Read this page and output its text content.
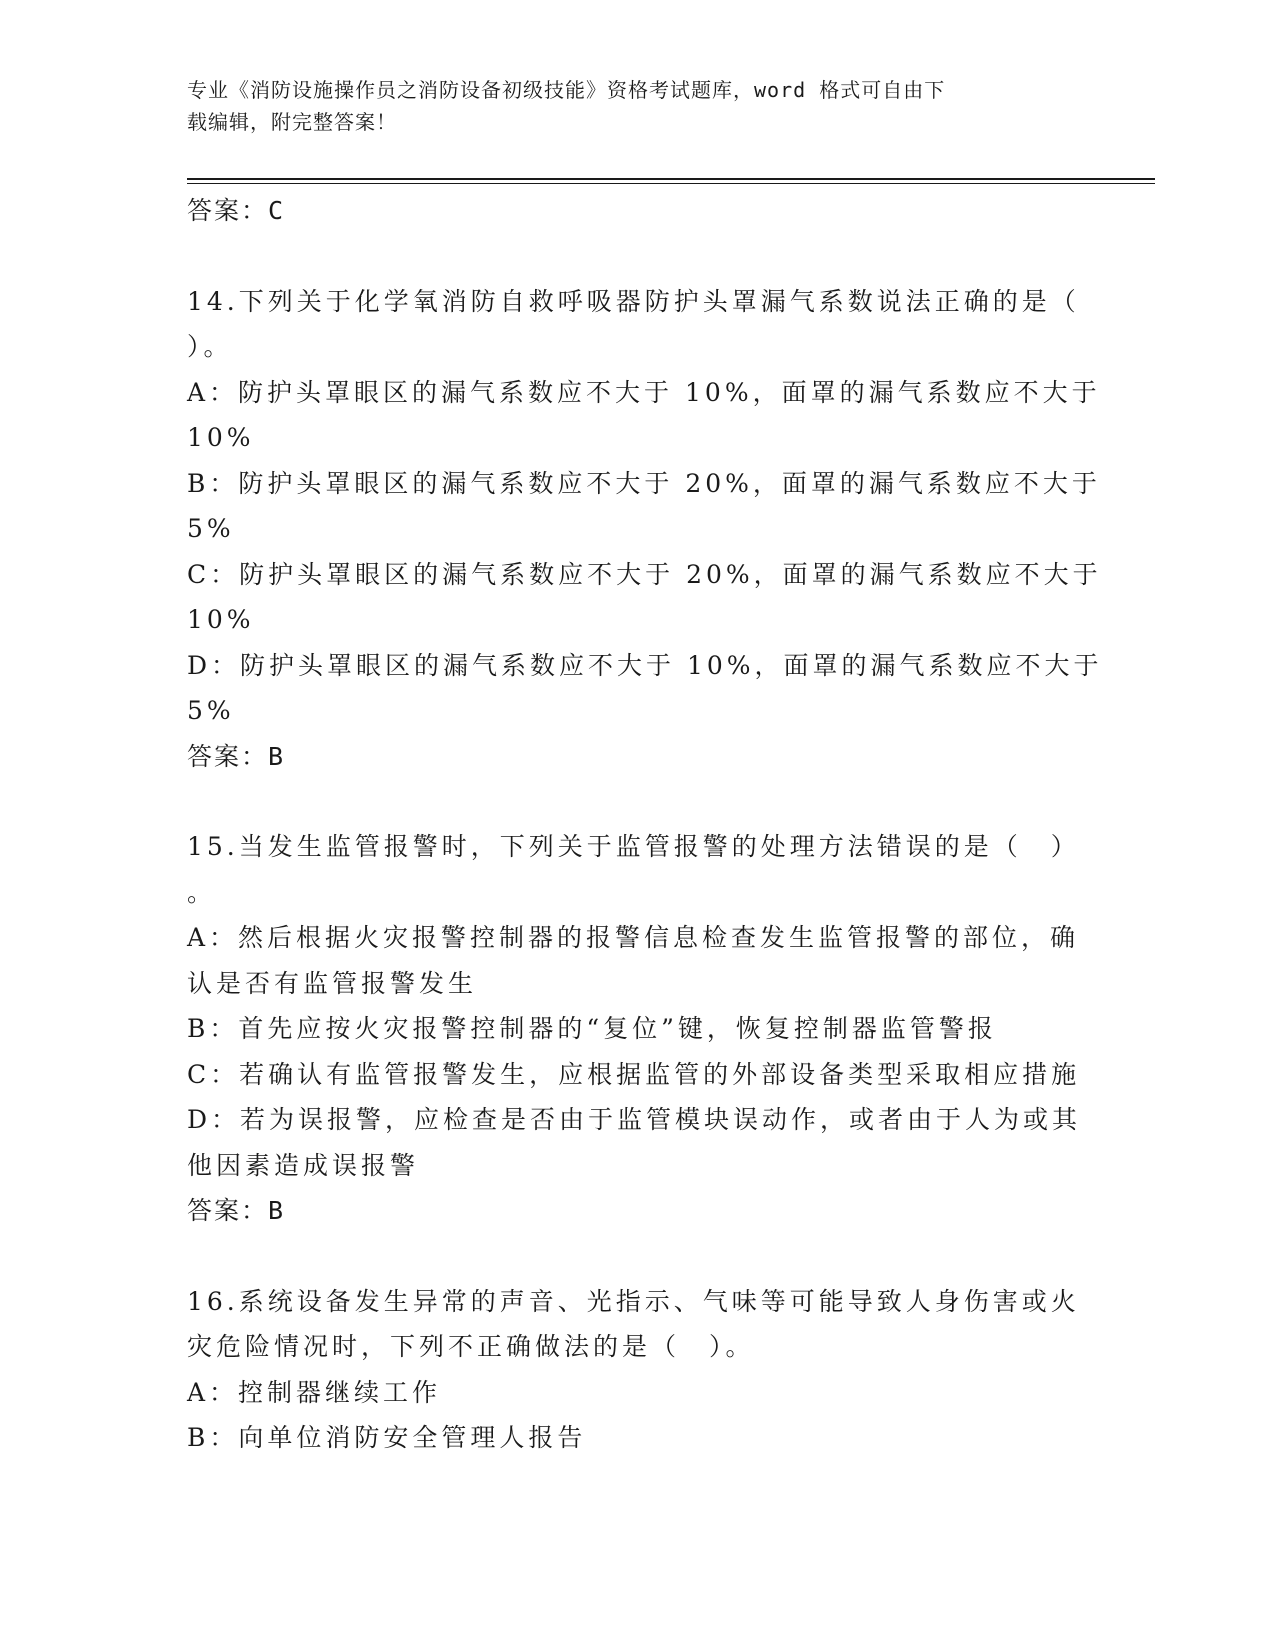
专业《消防设施操作员之消防设备初级技能》资格考试题库，word 格式可自由下
载编辑，附完整答案！
答案：C
14.下列关于化学氧消防自救呼吸器防护头罩漏气系数说法正确的是（
）。
A：防护头罩眼区的漏气系数应不大于 10%，面罩的漏气系数应不大于
10%
B：防护头罩眼区的漏气系数应不大于 20%，面罩的漏气系数应不大于
5%
C：防护头罩眼区的漏气系数应不大于 20%，面罩的漏气系数应不大于
10%
D：防护头罩眼区的漏气系数应不大于 10%，面罩的漏气系数应不大于
5%
答案：B
15.当发生监管报警时，下列关于监管报警的处理方法错误的是（　）
。
A：然后根据火灾报警控制器的报警信息检查发生监管报警的部位，确
认是否有监管报警发生
B：首先应按火灾报警控制器的“复位”键，恢复控制器监管警报
C：若确认有监管报警发生，应根据监管的外部设备类型采取相应措施
D：若为误报警，应检查是否由于监管模块误动作，或者由于人为或其
他因素造成误报警
答案：B
16.系统设备发生异常的声音、光指示、气味等可能导致人身伤害或火
灾危险情况时，下列不正确做法的是（　）。
A：控制器继续工作
B：向单位消防安全管理人报告
